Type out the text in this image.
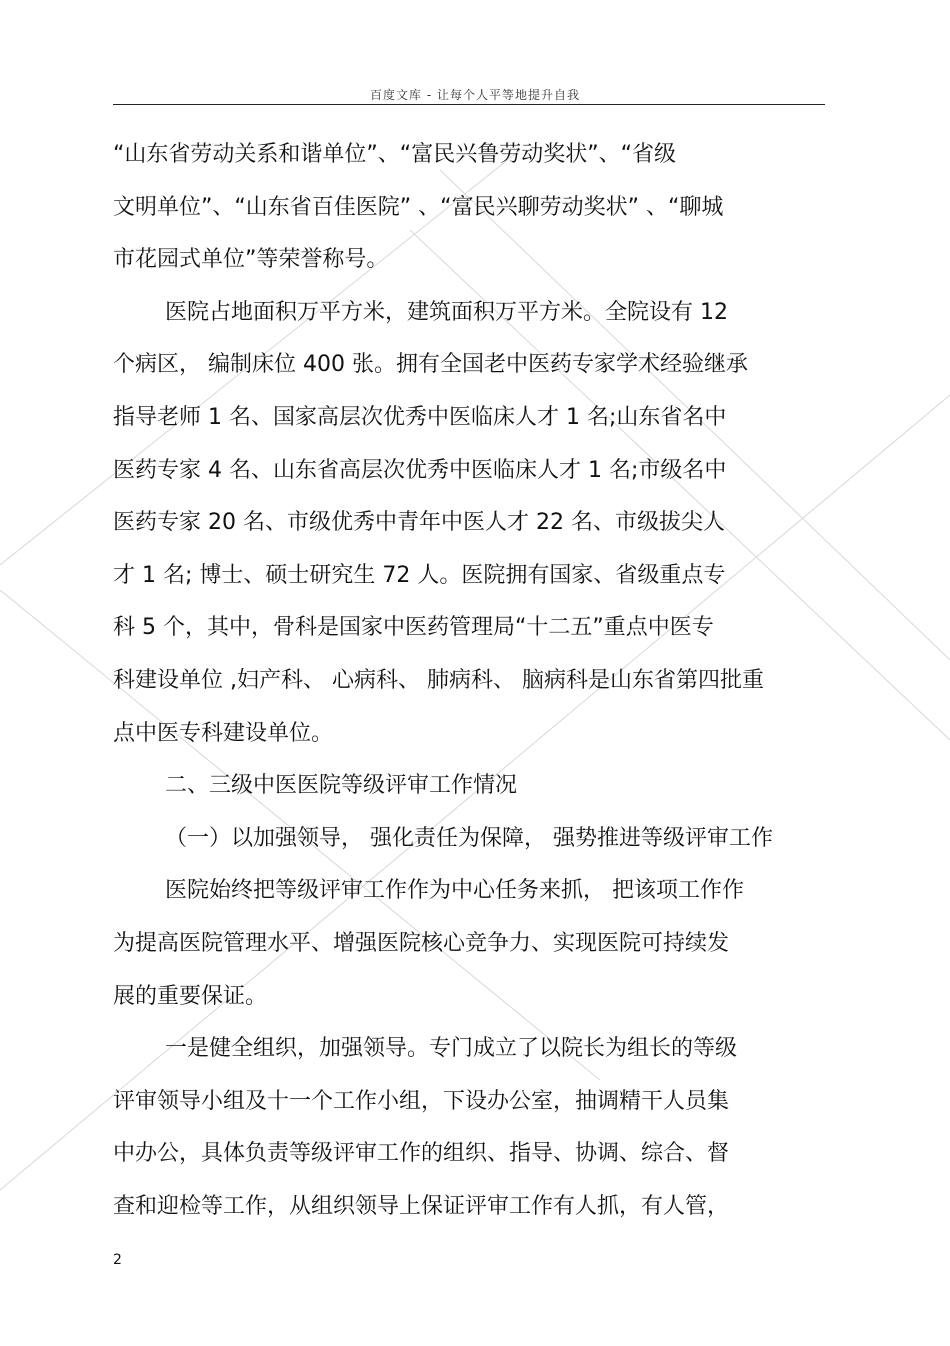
百度文库 - 让每个人平等地提升自我
“山东省劳动关系和谐单位”、“富民兴鲁劳动奖状”、“省级
文明单位”、“山东省百佳医院” 、“富民兴聊劳动奖状” 、“聊城
市花园式单位”等荣誉称号。
医院占地面积万平方米，建筑面积万平方米。全院设有 12
个病区， 编制床位 400 张。拥有全国老中医药专家学术经验继承
指导老师 1 名、国家高层次优秀中医临床人才 1 名;山东省名中
医药专家 4 名、山东省高层次优秀中医临床人才 1 名;市级名中
医药专家 20 名、市级优秀中青年中医人才 22 名、市级拔尖人
才 1 名; 博士、硕士研究生 72 人。医院拥有国家、省级重点专
科 5 个，其中，骨科是国家中医药管理局“十二五”重点中医专
科建设单位 ,妇产科、 心病科、 肺病科、 脑病科是山东省第四批重
点中医专科建设单位。
二、三级中医医院等级评审工作情况
（一）以加强领导， 强化责任为保障， 强势推进等级评审工作
医院始终把等级评审工作作为中心任务来抓， 把该项工作作
为提高医院管理水平、增强医院核心竞争力、实现医院可持续发
展的重要保证。
一是健全组织，加强领导。专门成立了以院长为组长的等级
评审领导小组及十一个工作小组，下设办公室，抽调精干人员集
中办公，具体负责等级评审工作的组织、指导、协调、综合、督
查和迎检等工作，从组织领导上保证评审工作有人抓，有人管，
2
